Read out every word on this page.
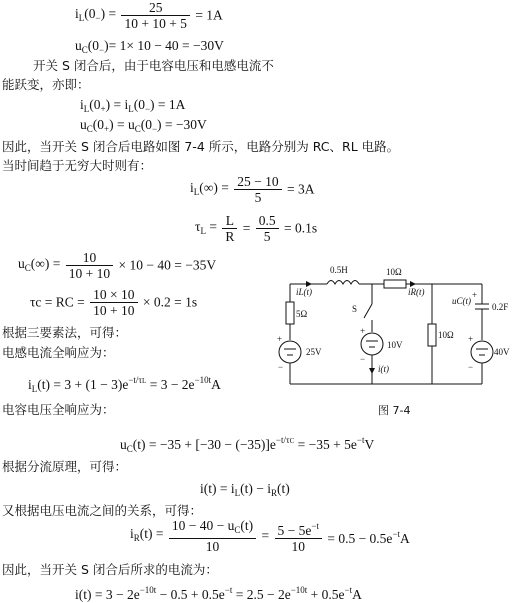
$i_L(0_-) = \frac{25}{10 + 10 + 5} = 1A$
$u_C(0_-)= 1\times 10 - 40 = -30V$
开关 S 闭合后，由于电容电压和电感电流不
能跃变，亦即：
$i_L(0_+) = i_L(0_-) = 1A$
$u_C(0_+) = u_C(0_-) = -30V$
因此，当开关 S 闭合后电路如图 7-4 所示，电路分别为 RC、RL 电路。
当时间趋于无穷大时则有：
$i_L(\infty) = \frac{25 - 10}{5} = 3A$
$\tau_L = \frac{L}{R} = \frac{0.5}{5} = 0.1s$
$u_C(\infty) = \frac{10}{10 + 10} \times 10 - 40 = -35V$
τc = RC = $\frac{10 \times 10}{10 + 10} \times 0.2 = 1s$
根据三要素法，可得：
电感电流全响应为：
$i_L(t) = 3 + (1 - 3)e^{-t/\tau L} = 3 - 2e^{-10t}A$
电容电压全响应为：
$u_C(t) = -35 + [-30 - (-35)]e^{-t/\tau C} = -35 + 5e^{-t}V$
根据分流原理，可得：
$i(t) = i_L(t) - i_R(t)$
又根据电压电流之间的关系，可得：
$i_R(t) = \frac{10 - 40 - u_C(t)}{10} = \frac{5 - 5e^{-t}}{10} = 0.5 - 0.5e^{-t}A$
因此，当开关 S 闭合后所求的电流为：
$i(t) = 3 - 2e^{-10t} - 0.5 + 0.5e^{-t} = 2.5 - 2e^{-10t} + 0.5e^{-t}A$
0.5H
iL(t)
5Ω
25V
S
10V
i(t)
10Ω
iR(t)
10Ω
uC(t)
0.2F
40V
+
−
+
−
+
−
+
图 7-4
